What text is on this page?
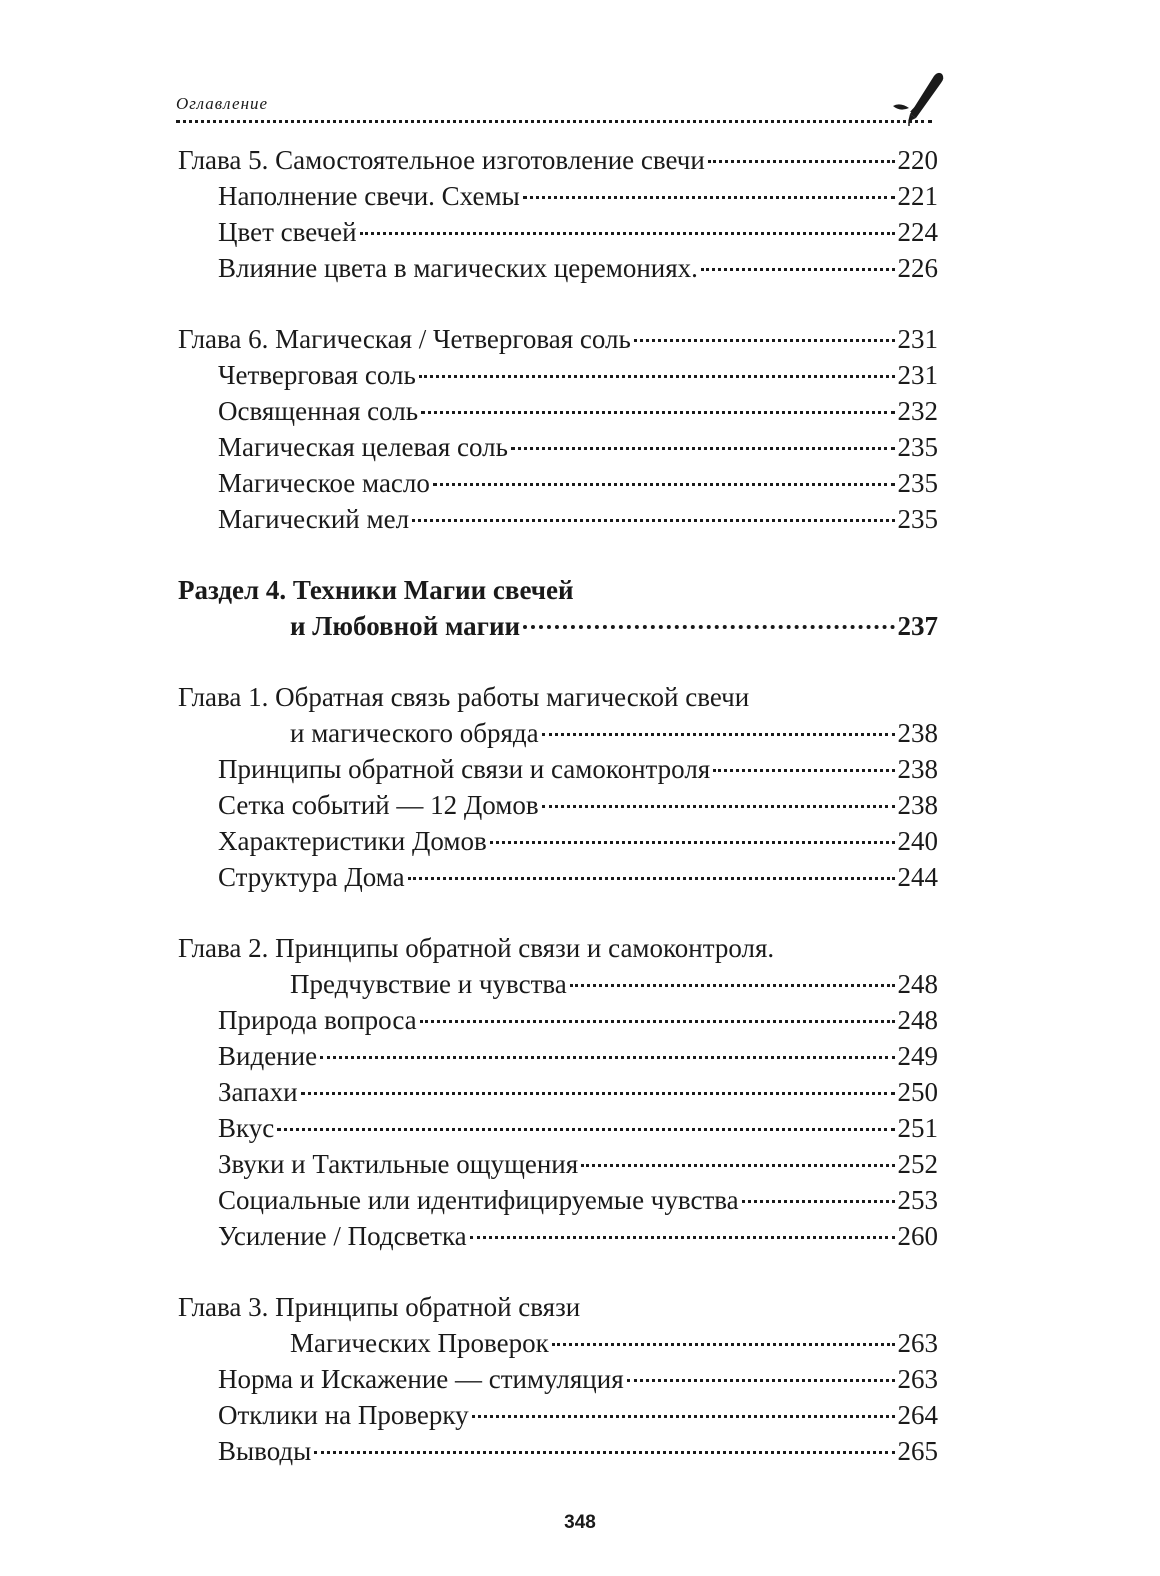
Оглавление
Глава 5. Самостоятельное изготовление свечи	220
Наполнение свечи. Схемы	221
Цвет свечей	224
Влияние цвета в магических церемониях.	226
Глава 6. Магическая / Четверговая соль	231
Четверговая соль	231
Освященная соль	232
Магическая целевая соль	235
Магическое масло	235
Магический мел	235
Раздел 4. Техники Магии свечей
и Любовной магии	237
Глава 1. Обратная связь работы магической свечи
и магического обряда	238
Принципы обратной связи и самоконтроля	238
Сетка событий — 12 Домов	238
Характеристики Домов	240
Структура Дома	244
Глава 2. Принципы обратной связи и самоконтроля.
Предчувствие и чувства	248
Природа вопроса	248
Видение	249
Запахи	250
Вкус	251
Звуки и Тактильные ощущения	252
Социальные или идентифицируемые чувства	253
Усиление / Подсветка	260
Глава 3. Принципы обратной связи
Магических Проверок	263
Норма и Искажение — стимуляция	263
Отклики на Проверку	264
Выводы	265
348
